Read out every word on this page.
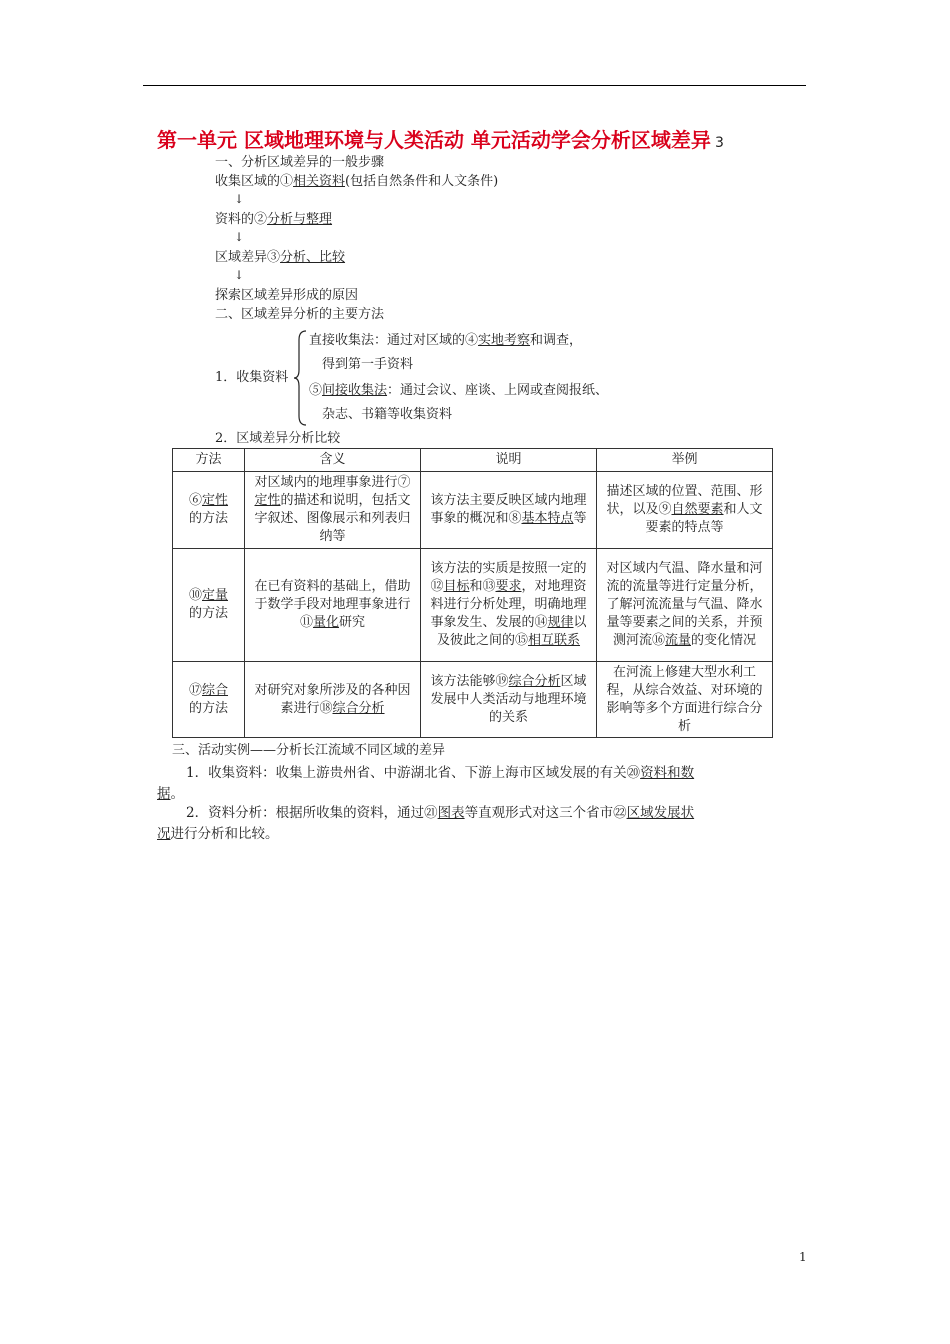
第一单元 区域地理环境与人类活动 单元活动学会分析区域差异 3
一、分析区域差异的一般步骤
收集区域的①相关资料(包括自然条件和人文条件)
↓
资料的②分析与整理
↓
区域差异③分析、比较
↓
探索区域差异形成的原因
二、区域差异分析的主要方法
1．收集资料
直接收集法：通过对区域的④实地考察和调查，
得到第一手资料
⑤间接收集法：通过会议、座谈、上网或查阅报纸、
杂志、书籍等收集资料
2．区域差异分析比较
方法	含义	说明	举例
⑥定性
的方法	对区域内的地理事象进行⑦定性的描述和说明，包括文字叙述、图像展示和列表归纳等	该方法主要反映区域内地理事象的概况和⑧基本特点等	描述区域的位置、范围、形状，以及⑨自然要素和人文要素的特点等
⑩定量
的方法	在已有资料的基础上，借助于数学手段对地理事象进行⑪量化研究	该方法的实质是按照一定的⑫目标和⑬要求，对地理资料进行分析处理，明确地理事象发生、发展的⑭规律以及彼此之间的⑮相互联系	对区域内气温、降水量和河流的流量等进行定量分析，了解河流流量与气温、降水量等要素之间的关系，并预测河流⑯流量的变化情况
⑰综合
的方法	对研究对象所涉及的各种因素进行⑱综合分析	该方法能够⑲综合分析区域发展中人类活动与地理环境的关系	在河流上修建大型水利工程，从综合效益、对环境的影响等多个方面进行综合分析
三、活动实例——分析长江流域不同区域的差异
1．收集资料：收集上游贵州省、中游湖北省、下游上海市区域发展的有关⑳资料和数
据。
2．资料分析：根据所收集的资料，通过㉑图表等直观形式对这三个省市㉒区域发展状
况进行分析和比较。
1
